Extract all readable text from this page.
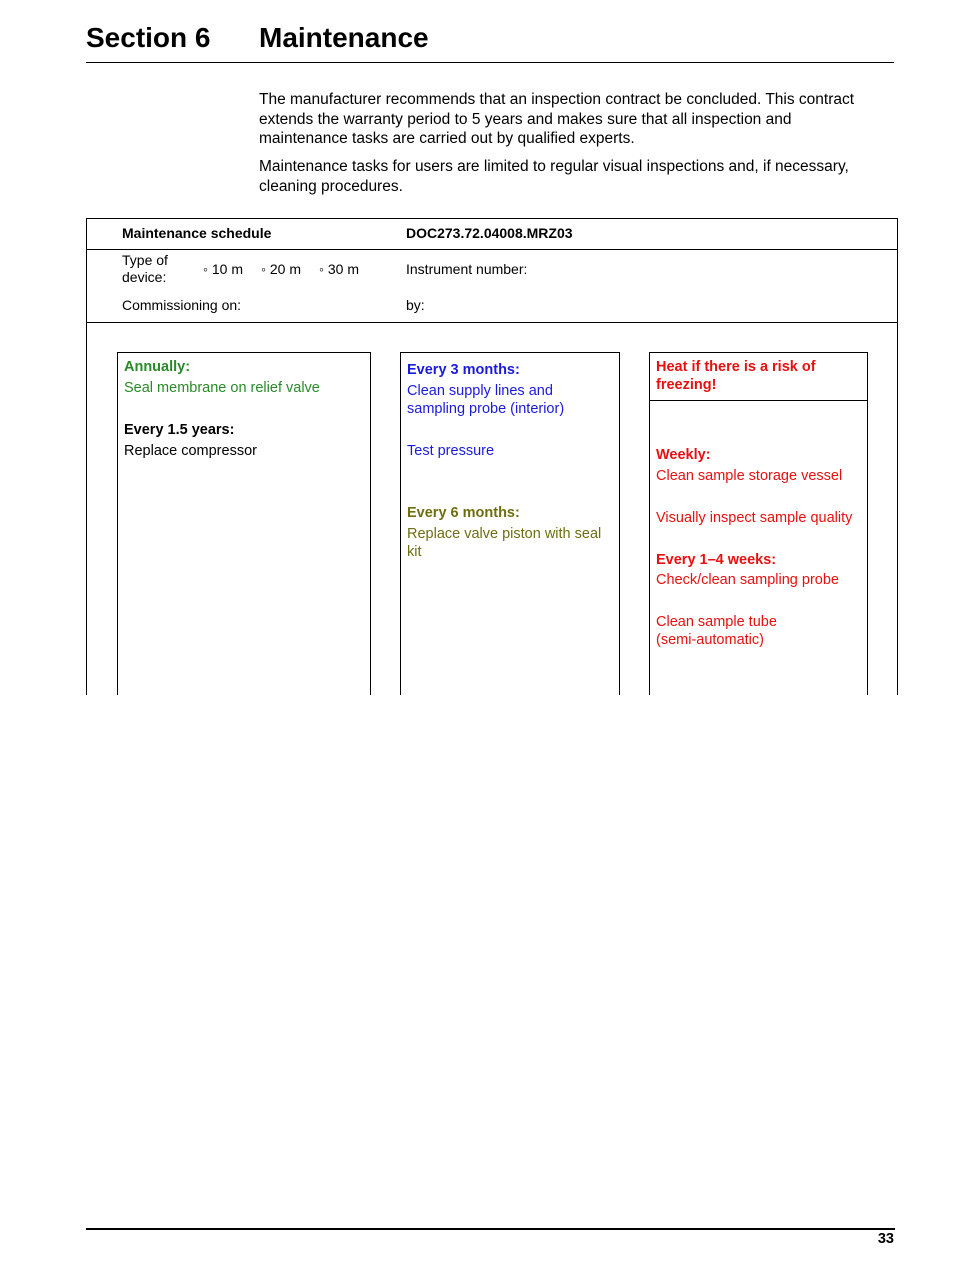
Section 6 Maintenance

The manufacturer recommends that an inspection contract be concluded. This contract extends the warranty period to 5 years and makes sure that all inspection and maintenance tasks are carried out by qualified experts.

Maintenance tasks for users are limited to regular visual inspections and, if necessary, cleaning procedures.

Maintenance schedule	DOC273.72.04008.MRZ03
Type of device:	◦ 10 m ◦ 20 m ◦ 30 m	Instrument number:
Commissioning on:	by:
Annually:
Seal membrane on relief valve
Every 1.5 years:
Replace compressor
Every 3 months:
Clean supply lines and sampling probe (interior)
Test pressure
Every 6 months:
Replace valve piston with seal kit
Heat if there is a risk of freezing!
Weekly:
Clean sample storage vessel
Visually inspect sample quality
Every 1–4 weeks:
Check/clean sampling probe
Clean sample tube (semi-automatic)
33
